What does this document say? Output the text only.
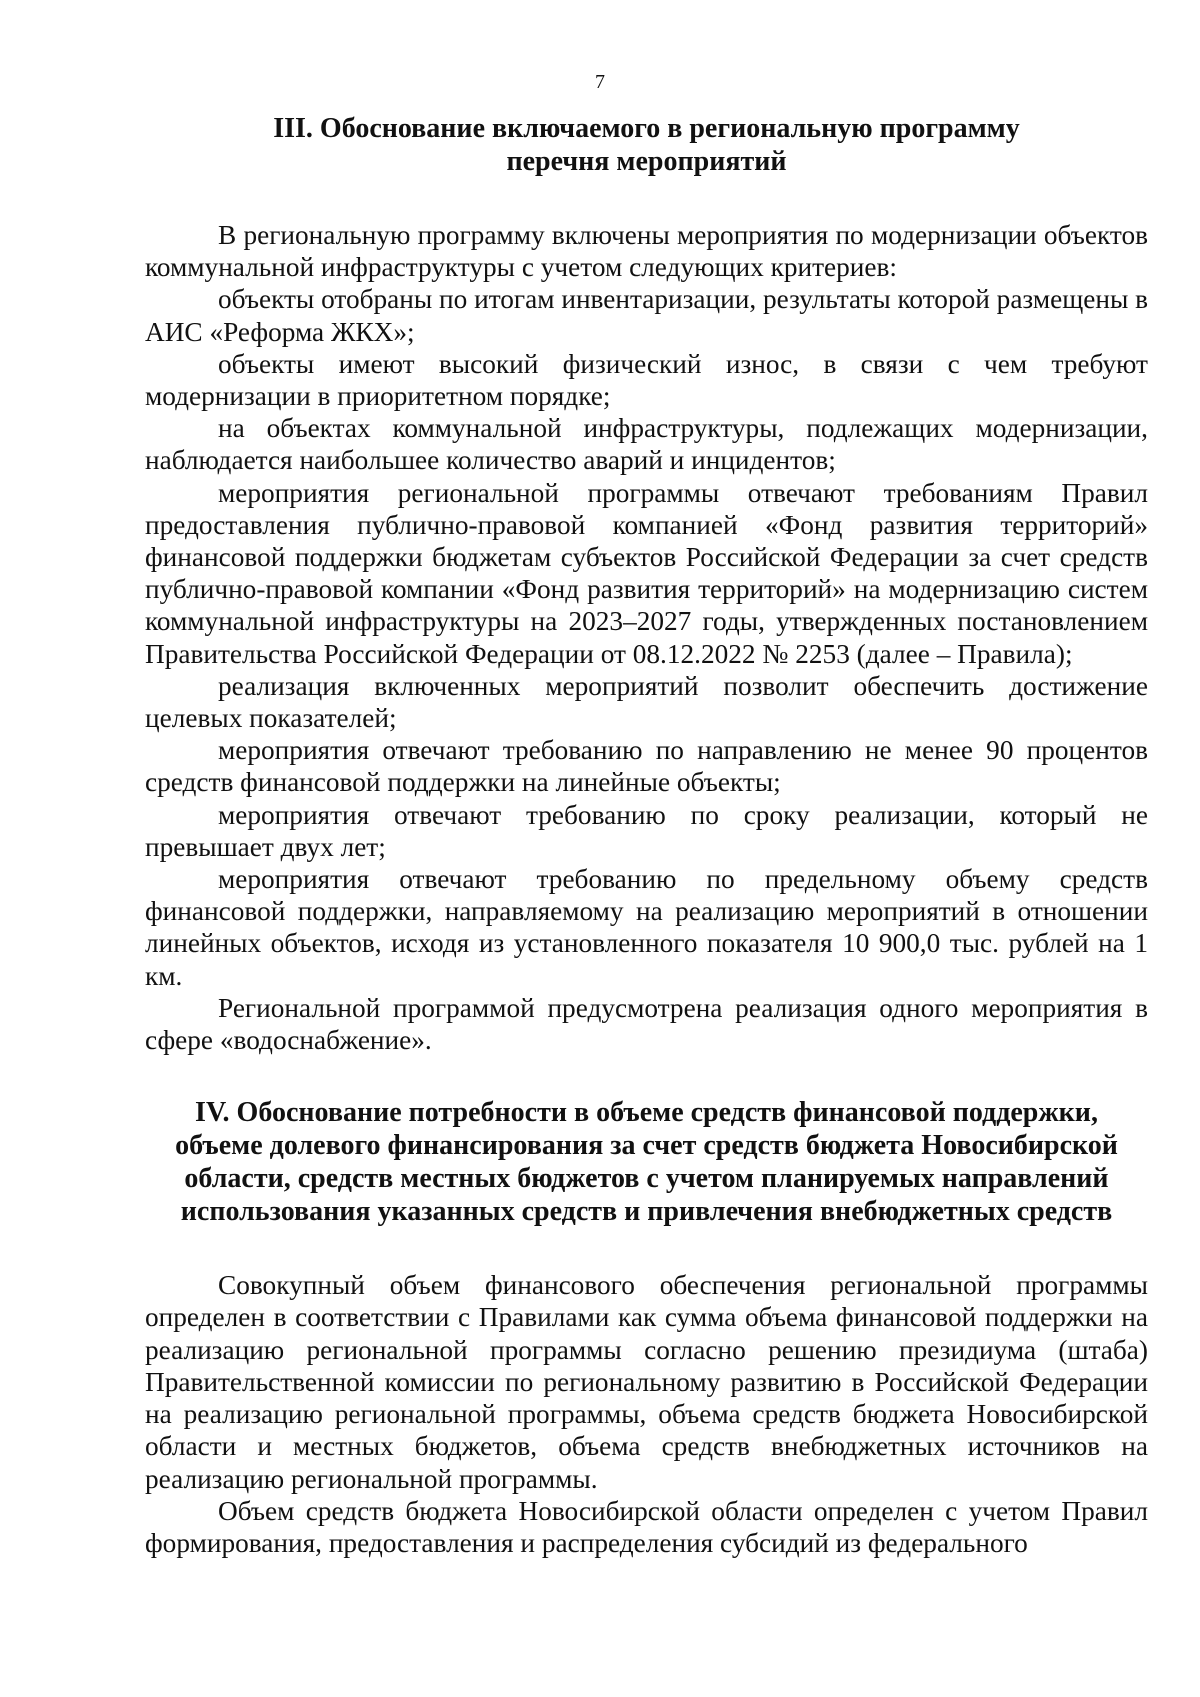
7
III. Обоснование включаемого в региональную программу
перечня мероприятий

В региональную программу включены мероприятия по модернизации объектов коммунальной инфраструктуры с учетом следующих критериев:

объекты отобраны по итогам инвентаризации, результаты которой размещены в АИС «Реформа ЖКХ»;

объекты имеют высокий физический износ, в связи с чем требуют модернизации в приоритетном порядке;

на объектах коммунальной инфраструктуры, подлежащих модернизации, наблюдается наибольшее количество аварий и инцидентов;

мероприятия региональной программы отвечают требованиям Правил предоставления публично-правовой компанией «Фонд развития территорий» финансовой поддержки бюджетам субъектов Российской Федерации за счет средств публично-правовой компании «Фонд развития территорий» на модернизацию систем коммунальной инфраструктуры на 2023–2027 годы, утвержденных постановлением Правительства Российской Федерации от 08.12.2022 № 2253 (далее – Правила);

реализация включенных мероприятий позволит обеспечить достижение целевых показателей;

мероприятия отвечают требованию по направлению не менее 90 процентов средств финансовой поддержки на линейные объекты;

мероприятия отвечают требованию по сроку реализации, который не превышает двух лет;

мероприятия отвечают требованию по предельному объему средств финансовой поддержки, направляемому на реализацию мероприятий в отношении линейных объектов, исходя из установленного показателя 10 900,0 тыс. рублей на 1 км.

Региональной программой предусмотрена реализация одного мероприятия в сфере «водоснабжение».

IV. Обоснование потребности в объеме средств финансовой поддержки,
объеме долевого финансирования за счет средств бюджета Новосибирской
области, средств местных бюджетов с учетом планируемых направлений
использования указанных средств и привлечения внебюджетных средств

Совокупный объем финансового обеспечения региональной программы определен в соответствии с Правилами как сумма объема финансовой поддержки на реализацию региональной программы согласно решению президиума (штаба) Правительственной комиссии по региональному развитию в Российской Федерации на реализацию региональной программы, объема средств бюджета Новосибирской области и местных бюджетов, объема средств внебюджетных источников на реализацию региональной программы.

Объем средств бюджета Новосибирской области определен с учетом Правил формирования, предоставления и распределения субсидий из федерального
